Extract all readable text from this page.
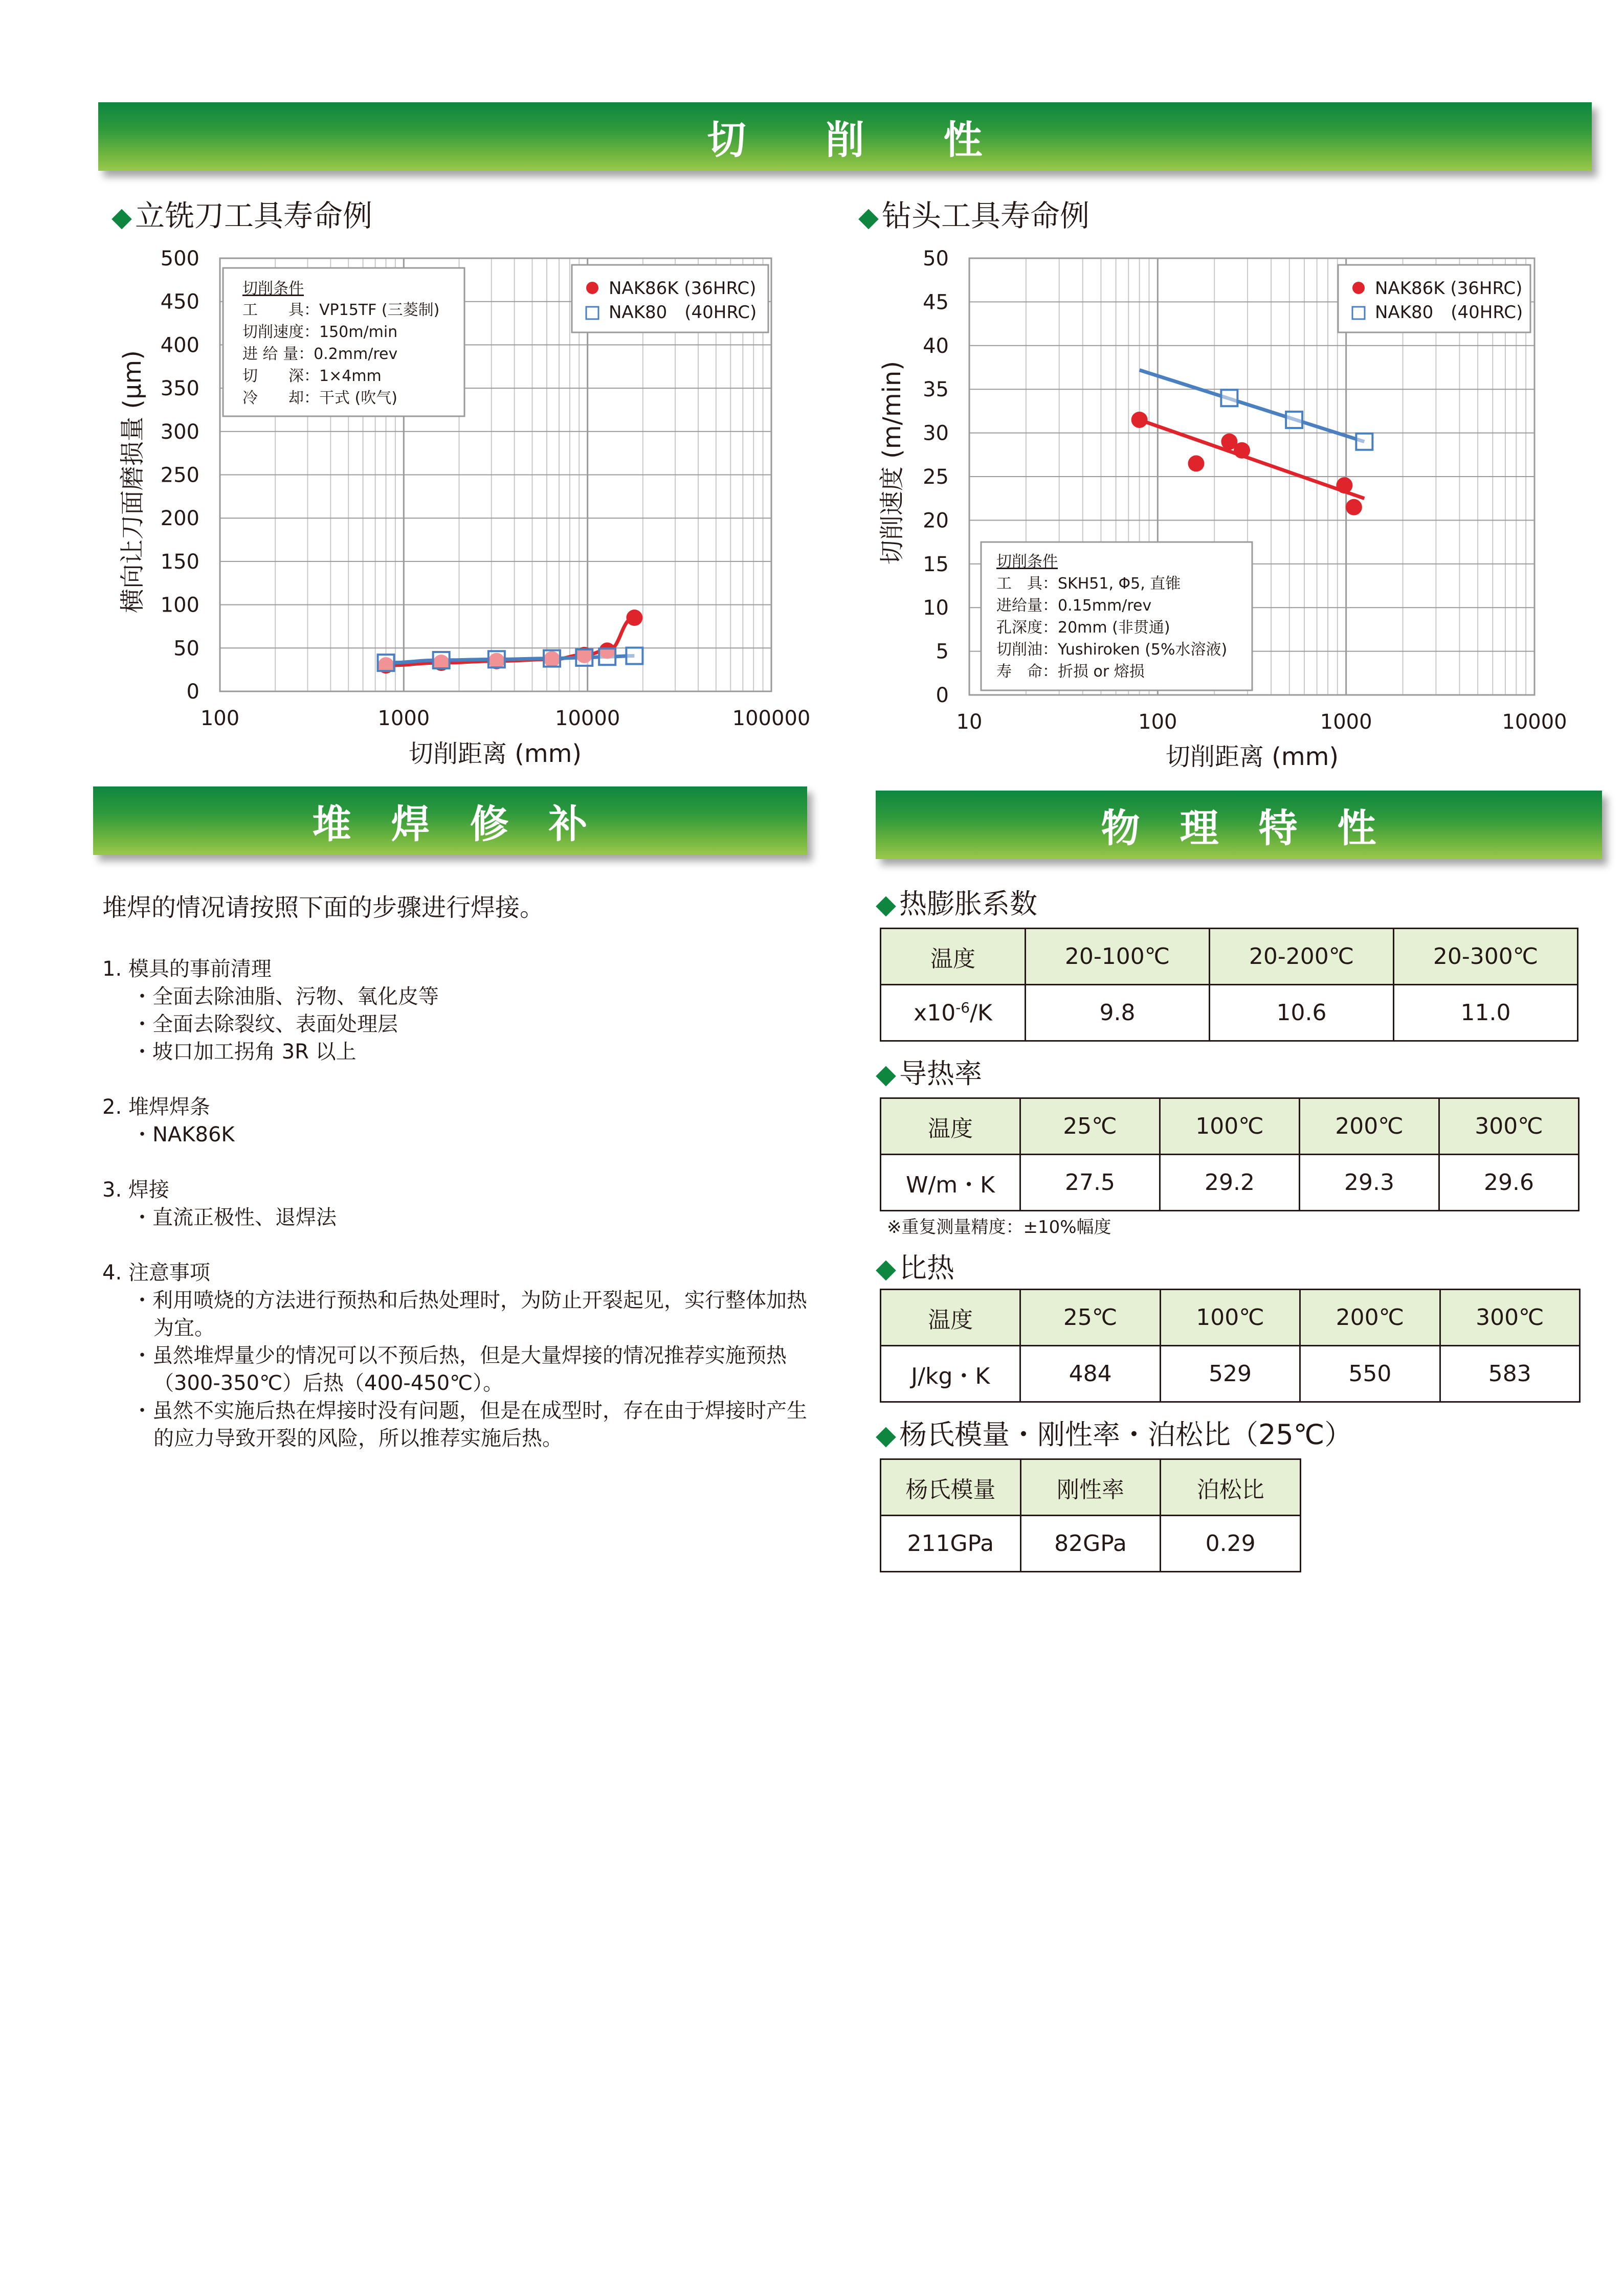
切　　削　　性
堆　焊　修　补	物　理　特　性
◆ 立铣刀工具寿命例	◆ 钻头工具寿命例
100	1000	10000	100000
0
50
100
150
200
250
300
350
400
450
500
切削距离 (mm)
横向让刀面磨损量 (μm)
切削条件
工　　具：VP15TF (三菱制)
切削速度：150m/min
进 给 量：0.2mm/rev
切　　深：1×4mm
冷　　却：干式 (吹气)
NAK86K (36HRC)
NAK80　(40HRC)
10	100	1000	10000
0
5
10
15
20
25
30
35
40
45
50
切削距离 (mm)
切削速度 (m/min)	切削条件
工　具：SKH51, Φ5, 直锥
进给量：0.15mm/rev
孔深度：20mm (非贯通)
切削油：Yushiroken (5%水溶液)
寿　命：折损 or 熔损
NAK86K (36HRC)
NAK80　(40HRC)
堆焊的情况请按照下面的步骤进行焊接。
1. 模具的事前清理
・全面去除油脂、污物、氧化皮等
・全面去除裂纹、表面处理层
・坡口加工拐角 3R 以上
2. 堆焊焊条
・NAK86K
3. 焊接
・直流正极性、退焊法
4. 注意事项
・利用喷烧的方法进行预热和后热处理时，为防止开裂起见，实行整体加热为宜。
・虽然堆焊量少的情况可以不预后热，但是大量焊接的情况推荐实施预热（300-350℃）后热（400-450℃）。
・虽然不实施后热在焊接时没有问题，但是在成型时，存在由于焊接时产生的应力导致开裂的风险，所以推荐实施后热。
◆ 热膨胀系数
温度	20-100℃	20-200℃	20-300℃
$x10^{-6}/K$	9.8	10.6	11.0
◆ 导热率
温度	25℃	100℃	200℃	300℃
W/m・K	27.5	29.2	29.3	29.6
※重复测量精度：±10%幅度
◆ 比热
温度	25℃	100℃	200℃	300℃
J/kg・K	484	529	550	583
◆ 杨氏模量・刚性率・泊松比（25℃）
杨氏模量	刚性率	泊松比
211GPa	82GPa	0.29
